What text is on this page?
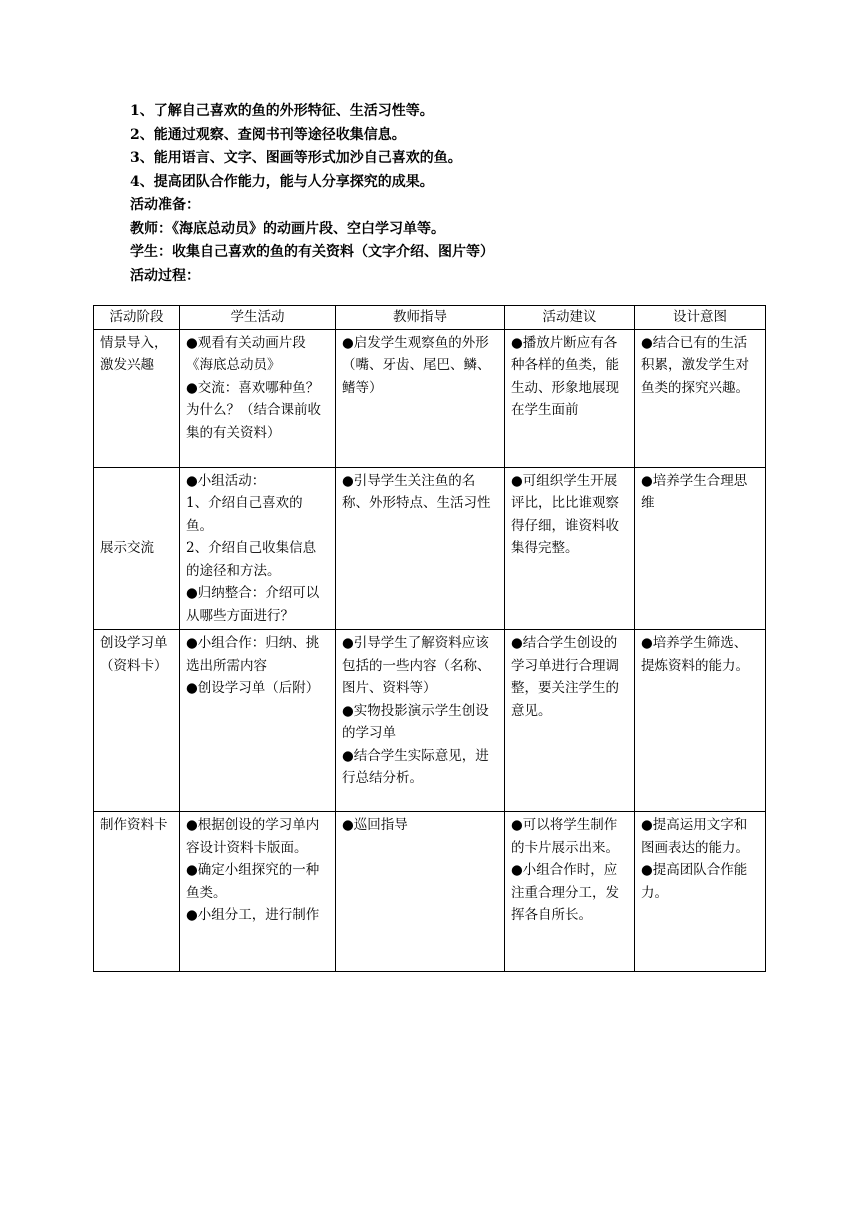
1、了解自己喜欢的鱼的外形特征、生活习性等。
2、能通过观察、查阅书刊等途径收集信息。
3、能用语言、文字、图画等形式加沙自己喜欢的鱼。
4、提高团队合作能力，能与人分享探究的成果。
活动准备：
教师：《海底总动员》的动画片段、空白学习单等。
学生：收集自己喜欢的鱼的有关资料（文字介绍、图片等）
活动过程：
活动阶段	学生活动	教师指导	活动建议	设计意图

情景导入，
激发兴趣	●观看有关动画片段《海底总动员》
●交流：喜欢哪种鱼？为什么？（结合课前收集的有关资料）	●启发学生观察鱼的外形（嘴、牙齿、尾巴、鳞、鳍等）	●播放片断应有各种各样的鱼类，能生动、形象地展现在学生面前	●结合已有的生活积累，激发学生对鱼类的探究兴趣。

展示交流	●小组活动：
1、介绍自己喜欢的鱼。
2、介绍自己收集信息的途径和方法。
●归纳整合：介绍可以从哪些方面进行？	●引导学生关注鱼的名称、外形特点、生活习性	●可组织学生开展评比，比比谁观察得仔细，谁资料收集得完整。	●培养学生合理思维

创设学习单（资料卡）	●小组合作：归纳、挑选出所需内容
●创设学习单（后附）	●引导学生了解资料应该包括的一些内容（名称、图片、资料等）
●实物投影演示学生创设的学习单
●结合学生实际意见，进行总结分析。	●结合学生创设的学习单进行合理调整，要关注学生的意见。	●培养学生筛选、提炼资料的能力。

制作资料卡	●根据创设的学习单内容设计资料卡版面。
●确定小组探究的一种鱼类。
●小组分工，进行制作	●巡回指导	●可以将学生制作的卡片展示出来。
●小组合作时，应注重合理分工，发挥各自所长。	●提高运用文字和图画表达的能力。
●提高团队合作能力。
